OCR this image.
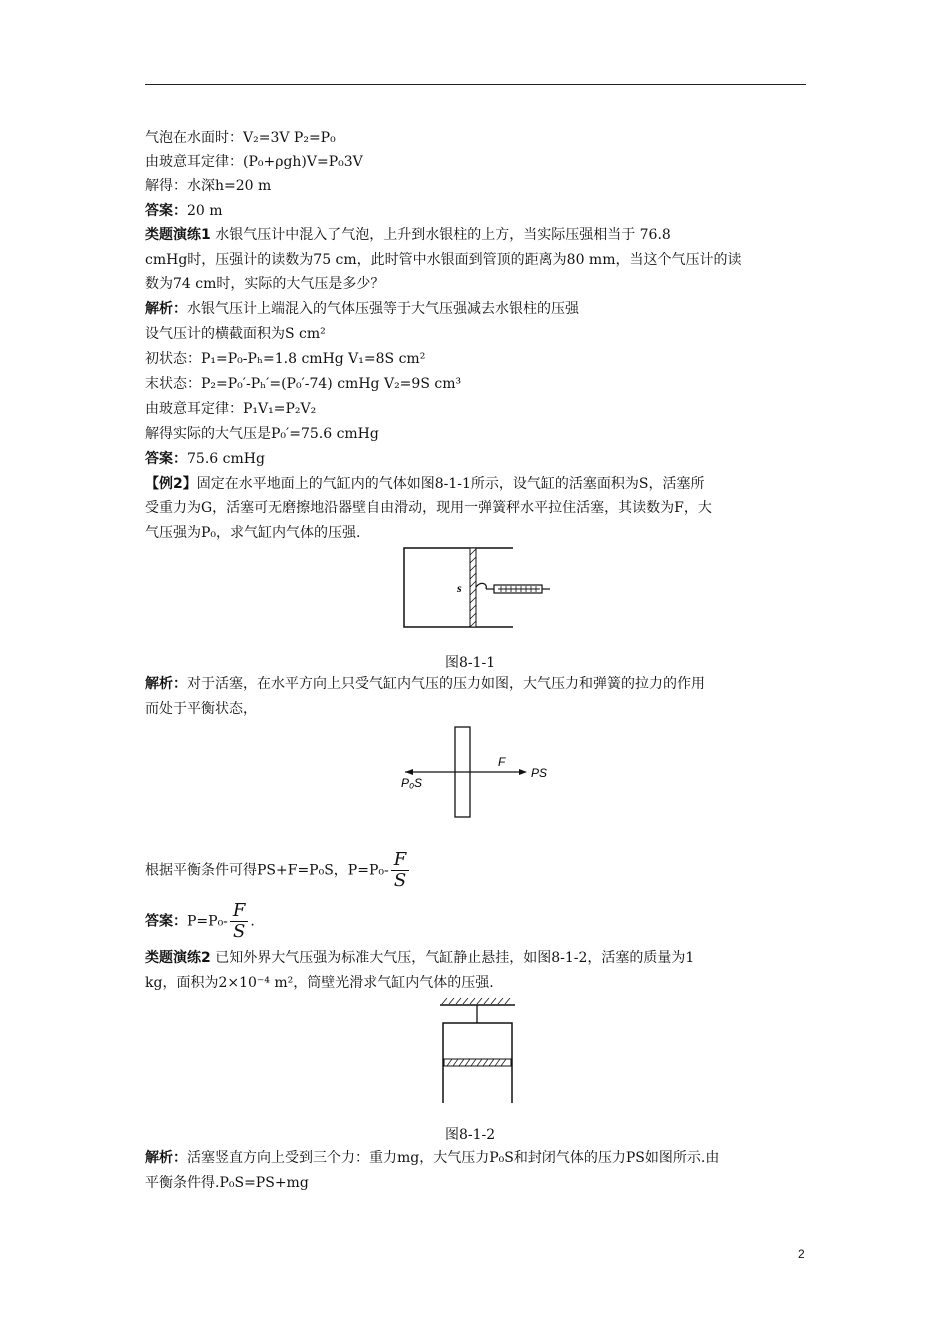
气泡在水面时：V₂=3V P₂=P₀
由玻意耳定律：(P₀+ρgh)V=P₀3V
解得：水深h=20 m
答案：20 m
类题演练1 水银气压计中混入了气泡，上升到水银柱的上方，当实际压强相当于 76.8
cmHg时，压强计的读数为75 cm，此时管中水银面到管顶的距离为80 mm，当这个气压计的读
数为74 cm时，实际的大气压是多少？
解析：水银气压计上端混入的气体压强等于大气压强减去水银柱的压强
设气压计的横截面积为S cm²
初状态：P₁=P₀-Pₕ=1.8 cmHg V₁=8S cm²
末状态：P₂=P₀′-Pₕ′=(P₀′-74) cmHg V₂=9S cm³
由玻意耳定律：P₁V₁=P₂V₂
解得实际的大气压是P₀′=75.6 cmHg
答案：75.6 cmHg
【例2】固定在水平地面上的气缸内的气体如图8-1-1所示，设气缸的活塞面积为S，活塞所
受重力为G，活塞可无磨擦地沿器壁自由滑动，现用一弹簧秤水平拉住活塞，其读数为F，大
气压强为P₀，求气缸内气体的压强.
s
图8-1-1
解析：对于活塞，在水平方向上只受气缸内气压的压力如图，大气压力和弹簧的拉力的作用
而处于平衡状态，
F
PS
P₀S
根据平衡条件可得PS+F=P₀S，$P=P_0- \frac{F}{S}$
答案：$P=P_0- \frac{F}{S}$ .
类题演练2 已知外界大气压强为标准大气压，气缸静止悬挂，如图8-1-2，活塞的质量为1
kg，面积为2×10⁻⁴ m²，筒壁光滑求气缸内气体的压强.
图8-1-2
解析：活塞竖直方向上受到三个力：重力mg，大气压力P₀S和封闭气体的压力PS如图所示.由
平衡条件得.P₀S=PS+mg
2
